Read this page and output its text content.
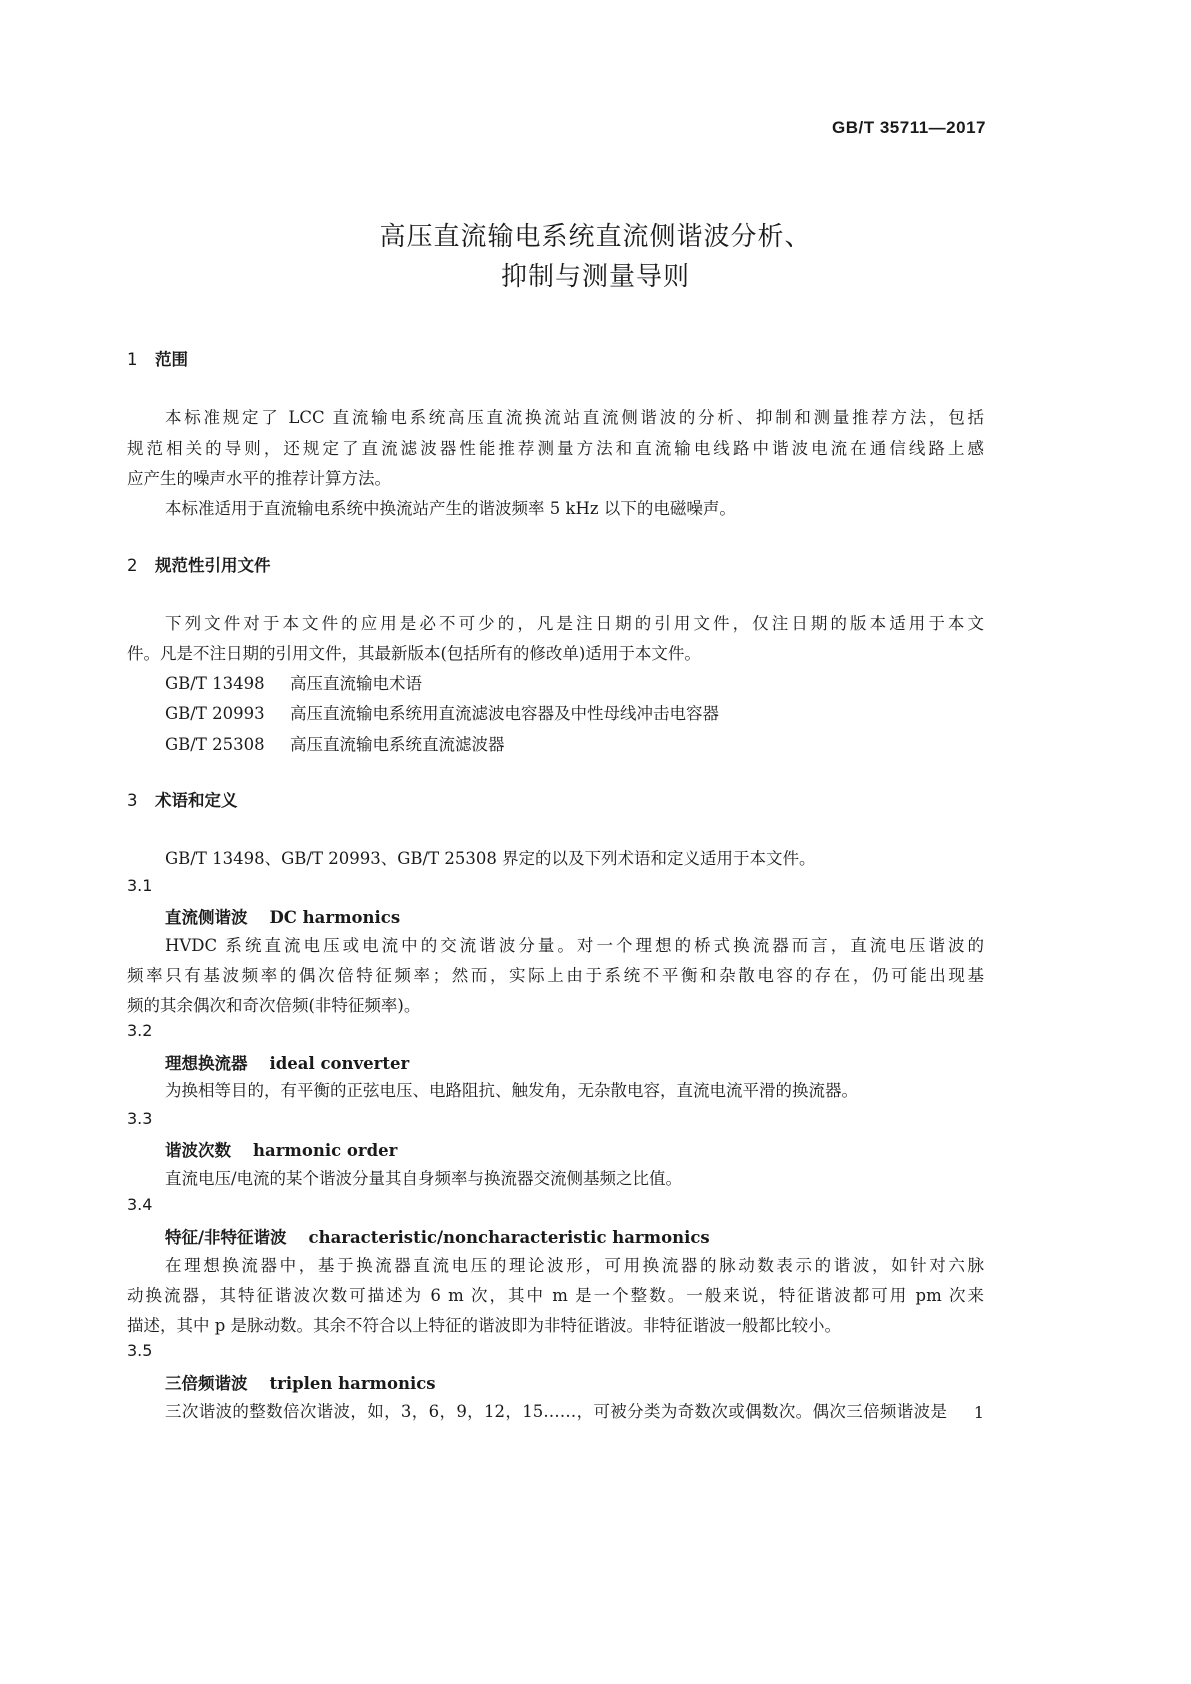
GB/T 35711—2017
高压直流输电系统直流侧谐波分析、
抑制与测量导则
1 范围
本标准规定了 LCC 直流输电系统高压直流换流站直流侧谐波的分析、抑制和测量推荐方法，包括
规范相关的导则，还规定了直流滤波器性能推荐测量方法和直流输电线路中谐波电流在通信线路上感
应产生的噪声水平的推荐计算方法。
本标准适用于直流输电系统中换流站产生的谐波频率 5 kHz 以下的电磁噪声。
2 规范性引用文件
下列文件对于本文件的应用是必不可少的，凡是注日期的引用文件，仅注日期的版本适用于本文
件。凡是不注日期的引用文件，其最新版本(包括所有的修改单)适用于本文件。
GB/T 13498 高压直流输电术语
GB/T 20993 高压直流输电系统用直流滤波电容器及中性母线冲击电容器
GB/T 25308 高压直流输电系统直流滤波器
3 术语和定义
GB/T 13498、GB/T 20993、GB/T 25308 界定的以及下列术语和定义适用于本文件。
3.1
直流侧谐波 DC harmonics
HVDC 系统直流电压或电流中的交流谐波分量。对一个理想的桥式换流器而言，直流电压谐波的
频率只有基波频率的偶次倍特征频率；然而，实际上由于系统不平衡和杂散电容的存在，仍可能出现基
频的其余偶次和奇次倍频(非特征频率)。
3.2
理想换流器 ideal converter
为换相等目的，有平衡的正弦电压、电路阻抗、触发角，无杂散电容，直流电流平滑的换流器。
3.3
谐波次数 harmonic order
直流电压/电流的某个谐波分量其自身频率与换流器交流侧基频之比值。
3.4
特征/非特征谐波 characteristic/noncharacteristic harmonics
在理想换流器中，基于换流器直流电压的理论波形，可用换流器的脉动数表示的谐波，如针对六脉
动换流器，其特征谐波次数可描述为 6 m 次，其中 m 是一个整数。一般来说，特征谐波都可用 pm 次来
描述，其中 p 是脉动数。其余不符合以上特征的谐波即为非特征谐波。非特征谐波一般都比较小。
3.5
三倍频谐波 triplen harmonics
三次谐波的整数倍次谐波，如，3，6，9，12，15……，可被分类为奇数次或偶数次。偶次三倍频谐波是 1
